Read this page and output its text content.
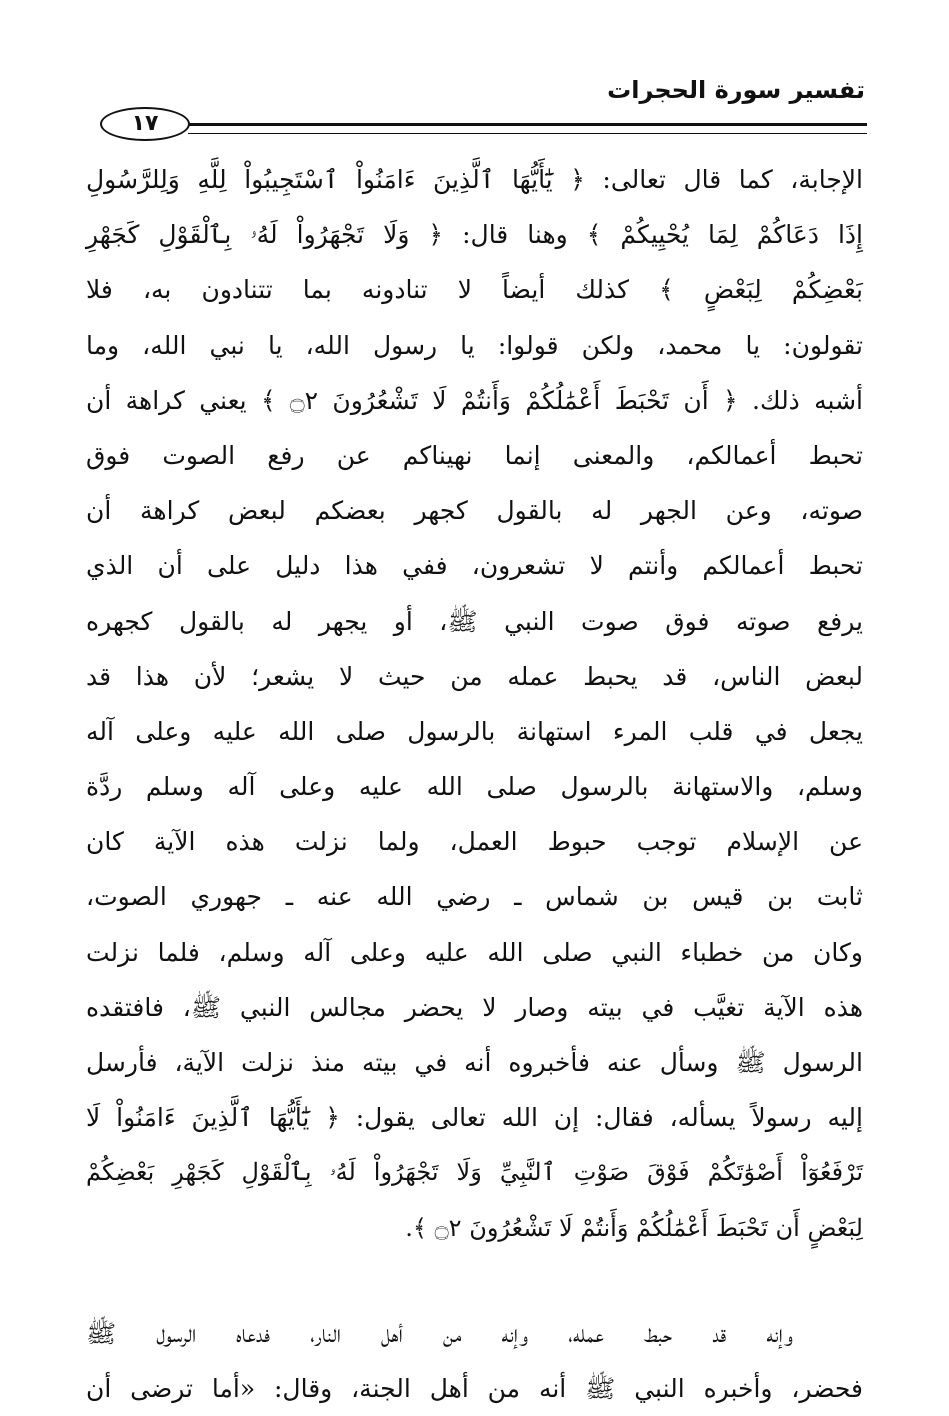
تفسير سورة الحجرات
١٧
الإجابة، كما قال تعالى: ﴿ يَٰٓأَيُّهَا ٱلَّذِينَ ءَامَنُواْ ٱسْتَجِيبُواْ لِلَّهِ وَلِلرَّسُولِ
إِذَا دَعَاكُمْ لِمَا يُحْيِيكُمْ ﴾ وهنا قال: ﴿ وَلَا تَجْهَرُواْ لَهُۥ بِٱلْقَوْلِ كَجَهْرِ
بَعْضِكُمْ لِبَعْضٍ ﴾ كذلك أيضاً لا تنادونه بما تتنادون به، فلا
تقولون: يا محمد، ولكن قولوا: يا رسول الله، يا نبي الله، وما
أشبه ذلك. ﴿ أَن تَحْبَطَ أَعْمَٰلُكُمْ وَأَنتُمْ لَا تَشْعُرُونَ ۝٢ ﴾ يعني كراهة أن
تحبط أعمالكم، والمعنى إنما نهيناكم عن رفع الصوت فوق
صوته، وعن الجهر له بالقول كجهر بعضكم لبعض كراهة أن
تحبط أعمالكم وأنتم لا تشعرون، ففي هذا دليل على أن الذي
يرفع صوته فوق صوت النبي ﷺ، أو يجهر له بالقول كجهره
لبعض الناس، قد يحبط عمله من حيث لا يشعر؛ لأن هذا قد
يجعل في قلب المرء استهانة بالرسول صلى الله عليه وعلى آله
وسلم، والاستهانة بالرسول صلى الله عليه وعلى آله وسلم ردَّة
عن الإسلام توجب حبوط العمل، ولما نزلت هذه الآية كان
ثابت بن قيس بن شماس ـ رضي الله عنه ـ جهوري الصوت،
وكان من خطباء النبي صلى الله عليه وعلى آله وسلم، فلما نزلت
هذه الآية تغيَّب في بيته وصار لا يحضر مجالس النبي ﷺ، فافتقده
الرسول ﷺ وسأل عنه فأخبروه أنه في بيته منذ نزلت الآية، فأرسل
إليه رسولاً يسأله، فقال: إن الله تعالى يقول: ﴿ يَٰٓأَيُّهَا ٱلَّذِينَ ءَامَنُواْ لَا
تَرْفَعُوٓاْ أَصْوَٰتَكُمْ فَوْقَ صَوْتِ ٱلنَّبِيِّ وَلَا تَجْهَرُواْ لَهُۥ بِٱلْقَوْلِ كَجَهْرِ بَعْضِكُمْ
لِبَعْضٍ أَن تَحْبَطَ أَعْمَٰلُكُمْ وَأَنتُمْ لَا تَشْعُرُونَ ۝٢ ﴾.
وإنه قد حبط عمله، وإنه من أهل النار، فدعاه الرسول ﷺ
فحضر، وأخبره النبي ﷺ أنه من أهل الجنة، وقال: «أما ترضى أن
